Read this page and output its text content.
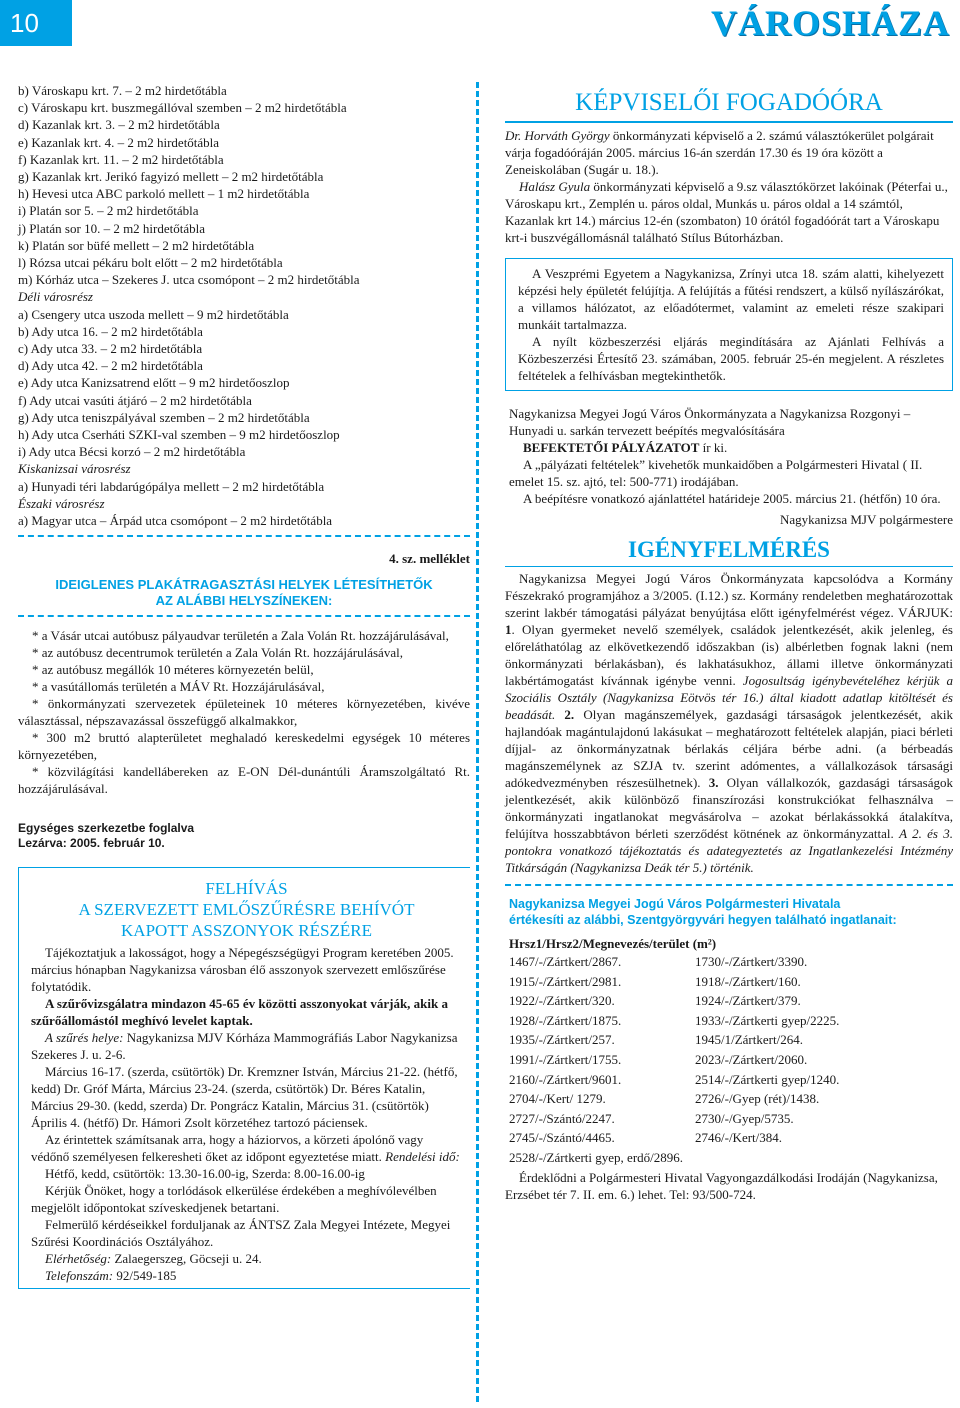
10	VÁROSHÁZA
b) Városkapu krt. 7. – 2 m2 hirdetőtábla
c) Városkapu krt. buszmegállóval szemben – 2 m2 hirdetőtábla
d) Kazanlak krt. 3. – 2 m2 hirdetőtábla
e) Kazanlak krt. 4. – 2 m2 hirdetőtábla
f) Kazanlak krt. 11. – 2 m2 hirdetőtábla
g) Kazanlak krt. Jerikó fagyizó mellett – 2 m2 hirdetőtábla
h) Hevesi utca ABC parkoló mellett – 1 m2 hirdetőtábla
i) Platán sor 5. – 2 m2 hirdetőtábla
j) Platán sor 10. – 2 m2 hirdetőtábla
k) Platán sor büfé mellett – 2 m2 hirdetőtábla
l) Rózsa utcai pékáru bolt előtt – 2 m2 hirdetőtábla
m) Kórház utca – Szekeres J. utca csomópont – 2 m2 hirdetőtábla
Déli városrész
a) Csengery utca uszoda mellett – 9 m2 hirdetőtábla
b) Ady utca 16. – 2 m2 hirdetőtábla
c) Ady utca 33. – 2 m2 hirdetőtábla
d) Ady utca 42. – 2 m2 hirdetőtábla
e) Ady utca Kanizsatrend előtt – 9 m2 hirdetőoszlop
f) Ady utcai vasúti átjáró – 2 m2 hirdetőtábla
g) Ady utca teniszpályával szemben – 2 m2 hirdetőtábla
h) Ady utca Cserháti SZKI-val szemben – 9 m2 hirdetőoszlop
i) Ady utca Bécsi korzó – 2 m2 hirdetőtábla
Kiskanizsai városrész
a) Hunyadi téri labdarúgópálya mellett – 2 m2 hirdetőtábla
Északi városrész
a) Magyar utca – Árpád utca csomópont – 2 m2 hirdetőtábla
4. sz. melléklet
IDEIGLENES PLAKÁTRAGASZTÁSI HELYEK LÉTESÍTHETŐK
AZ ALÁBBI HELYSZÍNEKEN:

* a Vásár utcai autóbusz pályaudvar területén a Zala Volán Rt. hozzájárulásával,

* az autóbusz decentrumok területén a Zala Volán Rt. hozzájárulásával,

* az autóbusz megállók 10 méteres környezetén belül,

* a vasútállomás területén a MÁV Rt. Hozzájárulásával,

* önkormányzati szervezetek épületeinek 10 méteres környezetében, kivéve választással, népszavazással összefüggő alkalmakkor,

* 300 m2 bruttó alapterületet meghaladó kereskedelmi egységek 10 méteres környezetében,

* közvilágítási kandellábereken az E-ON Dél-dunántúli Áramszolgáltató Rt. hozzájárulásával.

Egységes szerkezetbe foglalva
Lezárva: 2005. február 10.
FELHÍVÁS
A SZERVEZETT EMLŐSZŰRÉSRE BEHÍVÓT
KAPOTT ASSZONYOK RÉSZÉRE

Tájékoztatjuk a lakosságot, hogy a Népegészségügyi Program keretében 2005. március hónapban Nagykanizsa városban élő asszonyok szervezett emlőszűrése folytatódik.

A szűrővizsgálatra mindazon 45-65 év közötti asszonyokat várják, akik a szűrőállomástól meghívó levelet kaptak.

A szűrés helye: Nagykanizsa MJV Kórháza Mammográfiás Labor Nagykanizsa Szekeres J. u. 2-6.

Március 16-17. (szerda, csütörtök) Dr. Kremzner István, Március 21-22. (hétfő, kedd) Dr. Gróf Márta, Március 23-24. (szerda, csütörtök) Dr. Béres Katalin, Március 29-30. (kedd, szerda) Dr. Pongrácz Katalin, Március 31. (csütörtök) Április 4. (hétfő) Dr. Hámori Zsolt körzetéhez tartozó páciensek.

Az érintettek számítsanak arra, hogy a háziorvos, a körzeti ápolónő vagy védőnő személyesen felkeresheti őket az időpont egyeztetése miatt. Rendelési idő:

Hétfő, kedd, csütörtök: 13.30-16.00-ig, Szerda: 8.00-16.00-ig

Kérjük Önöket, hogy a torlódások elkerülése érdekében a meghívólevélben megjelölt időpontokat szíveskedjenek betartani.

Felmerülő kérdéseikkel forduljanak az ÁNTSZ Zala Megyei Intézete, Megyei Szűrési Koordinációs Osztályához.

Elérhetőség: Zalaegerszeg, Göcseji u. 24.

Telefonszám: 92/549-185

KÉPVISELŐI FOGADÓÓRA

Dr. Horváth György önkormányzati képviselő a 2. számú választókerület polgárait várja fogadóóráján 2005. március 16-án szerdán 17.30 és 19 óra között a Zeneiskolában (Sugár u. 18.).

Halász Gyula önkormányzati képviselő a 9.sz választókörzet lakóinak (Péterfai u., Városkapu krt., Zemplén u. páros oldal, Munkás u. páros oldal a 14 számtól, Kazanlak krt 14.) március 12-én (szombaton) 10 órától fogadóórát tart a Városkapu krt-i buszvégállomásnál található Stílus Bútorházban.

A Veszprémi Egyetem a Nagykanizsa, Zrínyi utca 18. szám alatti, kihelyezett képzési hely épületét felújítja. A felújítás a fűtési rendszert, a külső nyílászárókat, a villamos hálózatot, az előadótermet, valamint az emeleti része szakipari munkáit tartalmazza.

A nyílt közbeszerzési eljárás megindítására az Ajánlati Felhívás a Közbeszerzési Értesítő 23. számában, 2005. február 25-én megjelent. A részletes feltételek a felhívásban megtekinthetők.

Nagykanizsa Megyei Jogú Város Önkormányzata a Nagykanizsa Rozgonyi – Hunyadi u. sarkán tervezett beépítés megvalósítására

BEFEKTETŐI PÁLYÁZATOT ír ki.

A „pályázati feltételek” kivehetők munkaidőben a Polgármesteri Hivatal ( II. emelet 15. sz. ajtó, tel: 500-771) irodájában.

A beépítésre vonatkozó ajánlattétel határideje 2005. március 21. (hétfőn) 10 óra.

Nagykanizsa MJV polgármestere

IGÉNYFELMÉRÉS

Nagykanizsa Megyei Jogú Város Önkormányzata kapcsolódva a Kormány Fészekrakó programjához a 3/2005. (I.12.) sz. Kormány rendeletben meghatározottak szerint lakbér támogatási pályázat benyújtása előtt igényfelmérést végez. VÁRJUK: 1. Olyan gyermeket nevelő személyek, családok jelentkezését, akik jelenleg, és előreláthatólag az elkövetkezendő időszakban (is) albérletben fognak lakni (nem önkormányzati bérlakásban), és lakhatásukhoz, állami illetve önkormányzati lakbértámogatást kívánnak igénybe venni. Jogosultság igénybevételéhez kérjük a Szociális Osztály (Nagykanizsa Eötvös tér 16.) által kiadott adatlap kitöltését és beadását. 2. Olyan magánszemélyek, gazdasági társaságok jelentkezését, akik hajlandóak magántulajdonú lakásukat – meghatározott feltételek alapján, piaci bérleti díjjal- az önkormányzatnak bérlakás céljára bérbe adni. (a bérbeadás magánszemélynek az SZJA tv. szerint adómentes, a vállalkozások társasági adókedvezményben részesülhetnek). 3. Olyan vállalkozók, gazdasági társaságok jelentkezését, akik különböző finanszírozási konstrukciókat felhasználva – önkormányzati ingatlanokat megvásárolva – azokat bérlakássokká átalakítva, felújítva hosszabbtávon bérleti szerződést kötnének az önkormányzattal. A 2. és 3. pontokra vonatkozó tájékoztatás és adategyeztetés az Ingatlankezelési Intézmény Titkárságán (Nagykanizsa Deák tér 5.) történik.

Nagykanizsa Megyei Jogú Város Polgármesteri Hivatala
értékesíti az alábbi, Szentgyörgyvári hegyen található ingatlanait:
Hrsz1/Hrsz2/Megnevezés/terület (m²)
1467/-/Zártkert/2867.	1730/-/Zártkert/3390.
1915/-/Zártkert/2981.	1918/-/Zártkert/160.
1922/-/Zártkert/320.	1924/-/Zártkert/379.
1928/-/Zártkert/1875.	1933/-/Zártkerti gyep/2225.
1935/-/Zártkert/257.	1945/1/Zártkert/264.
1991/-/Zártkert/1755.	2023/-/Zártkert/2060.
2160/-/Zártkert/9601.	2514/-/Zártkerti gyep/1240.
2704/-/Kert/ 1279.	2726/-/Gyep (rét)/1438.
2727/-/Szántó/2247.	2730/-/Gyep/5735.
2745/-/Szántó/4465.	2746/-/Kert/384.
2528/-/Zártkerti gyep, erdő/2896.

Érdeklődni a Polgármesteri Hivatal Vagyongazdálkodási Irodáján (Nagykanizsa, Erzsébet tér 7. II. em. 6.) lehet. Tel: 93/500-724.
